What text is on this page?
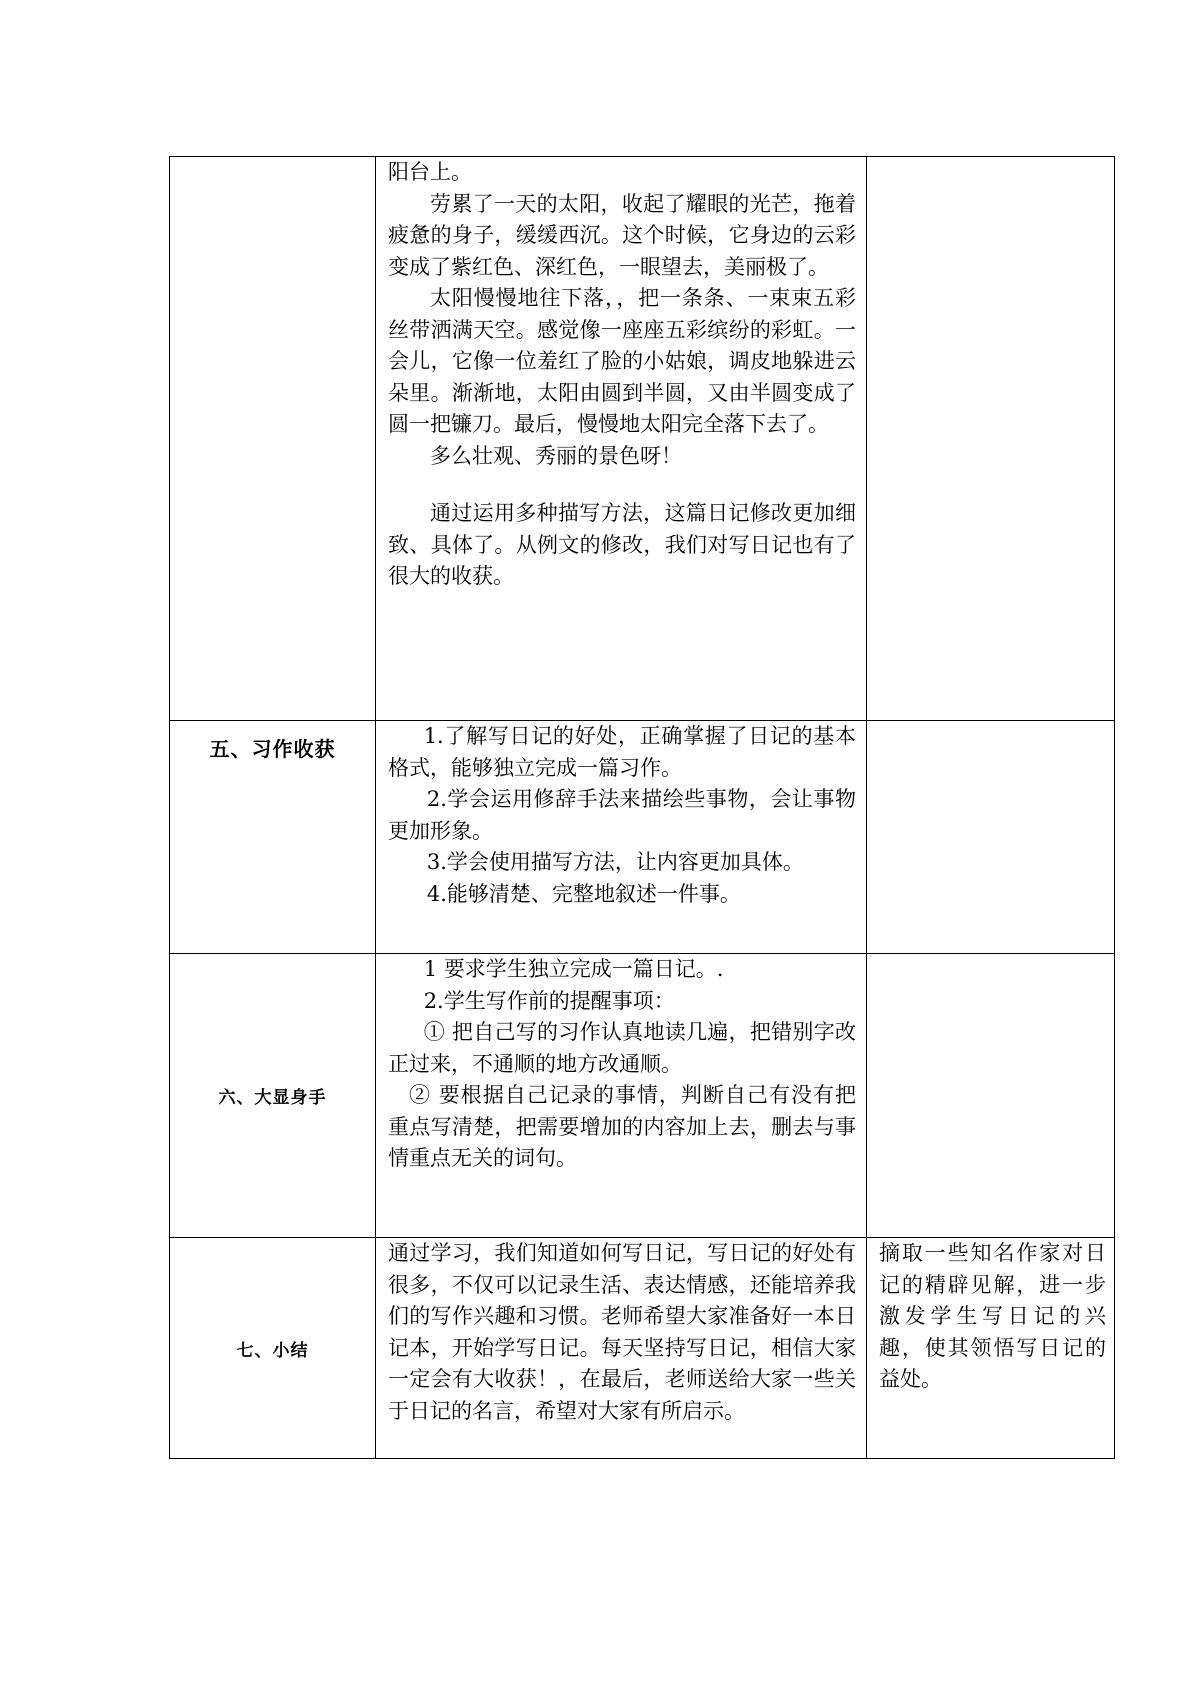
	阳台上。

劳累了一天的太阳，收起了耀眼的光芒，拖着疲惫的身子，缓缓西沉。这个时候，它身边的云彩变成了紫红色、深红色，一眼望去，美丽极了。

太阳慢慢地往下落，，把一条条、一束束五彩丝带洒满天空。感觉像一座座五彩缤纷的彩虹。一会儿，它像一位羞红了脸的小姑娘，调皮地躲进云朵里。渐渐地，太阳由圆到半圆，又由半圆变成了圆一把镰刀。最后，慢慢地太阳完全落下去了。

多么壮观、秀丽的景色呀！

通过运用多种描写方法，这篇日记修改更加细致、具体了。从例文的修改，我们对写日记也有了很大的收获。	

五、习作收获	1.了解写日记的好处，正确掌握了日记的基本格式，能够独立完成一篇习作。

2.学会运用修辞手法来描绘些事物，会让事物更加形象。

3.学会使用描写方法，让内容更加具体。

4.能够清楚、完整地叙述一件事。	

六、大显身手	1 要求学生独立完成一篇日记。.

2.学生写作前的提醒事项：

① 把自己写的习作认真地读几遍，把错别字改正过来，不通顺的地方改通顺。

② 要根据自己记录的事情，判断自己有没有把重点写清楚，把需要增加的内容加上去，删去与事情重点无关的词句。	

七、小结	通过学习，我们知道如何写日记，写日记的好处有很多，不仅可以记录生活、表达情感，还能培养我们的写作兴趣和习惯。老师希望大家准备好一本日记本，开始学写日记。每天坚持写日记，相信大家一定会有大收获！，在最后，老师送给大家一些关于日记的名言，希望对大家有所启示。	摘取一些知名作家对日记的精辟见解，进一步激发学生写日记的兴趣，使其领悟写日记的益处。
